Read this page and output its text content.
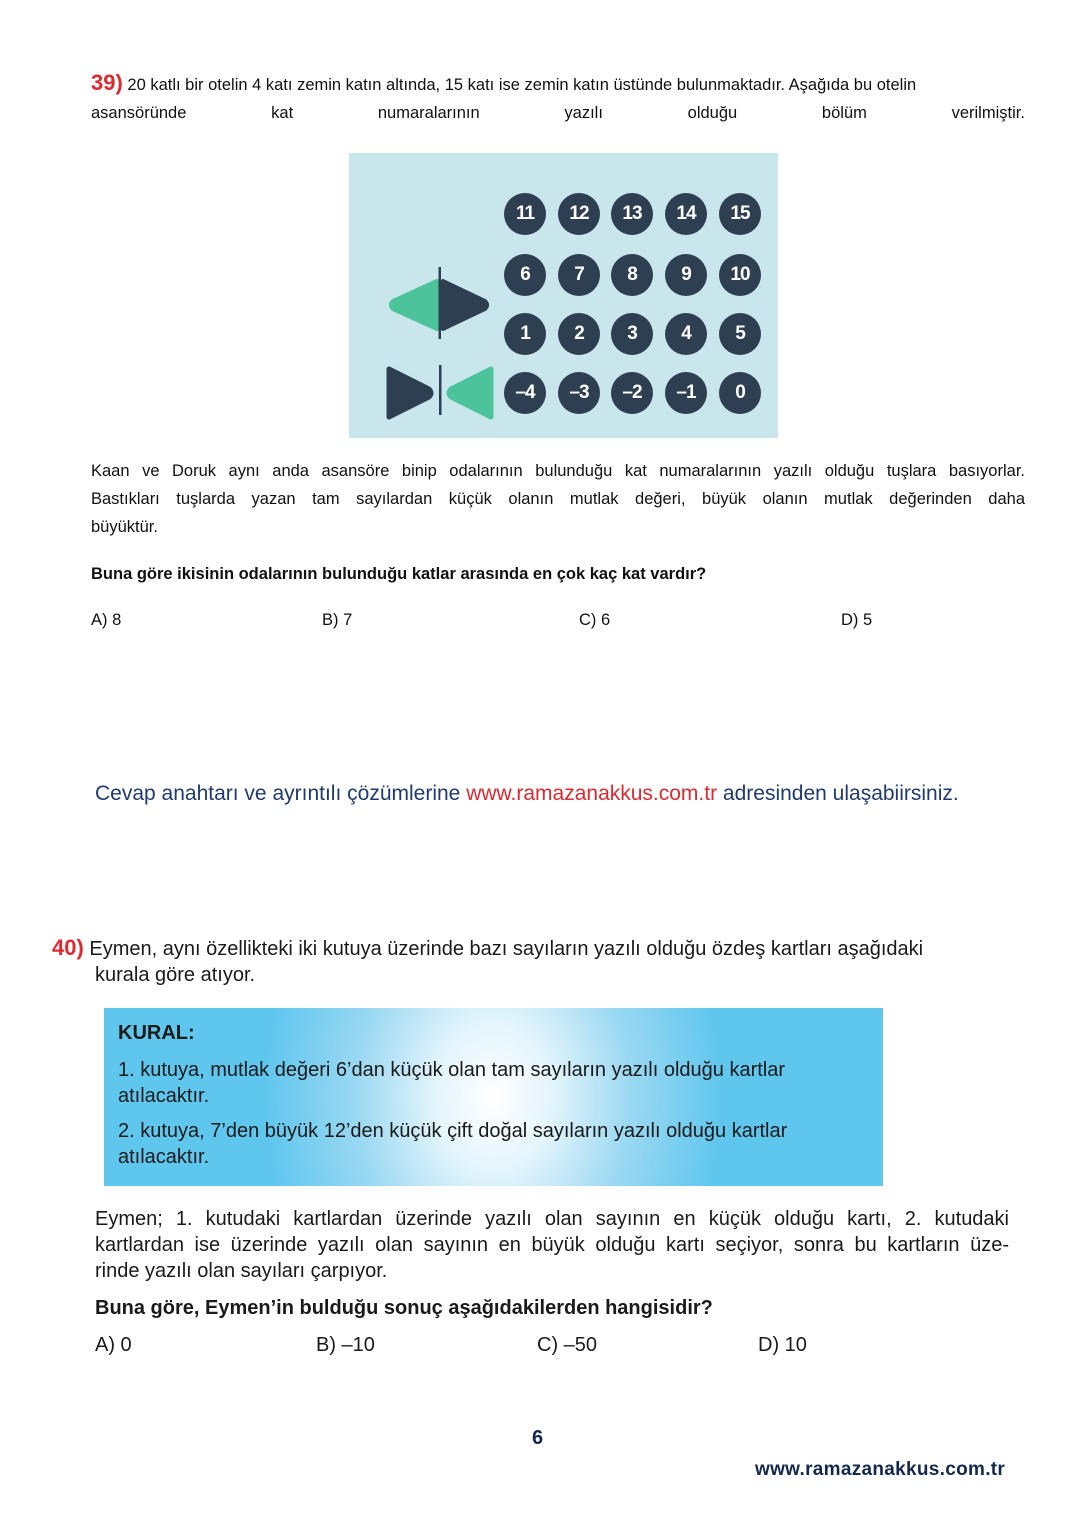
39) 20 katlı bir otelin 4 katı zemin katın altında, 15 katı ise zemin katın üstünde bulunmaktadır. Aşağıda bu otelin
asansöründe	kat	numaralarının	yazılı	olduğu	bölüm	verilmiştir.
11	12	13	14	15
6	7	8	9	10
1	2	3	4	5
–4	–3	–2	–1	0
Kaan ve Doruk aynı anda asansöre binip odalarının bulunduğu kat numaralarının yazılı olduğu tuşlara basıyorlar.
Bastıkları tuşlarda yazan tam sayılardan küçük olanın mutlak değeri, büyük olanın mutlak değerinden daha
büyüktür.
Buna göre ikisinin odalarının bulunduğu katlar arasında en çok kaç kat vardır?
A) 8	B) 7	C) 6	D) 5
Cevap anahtarı ve ayrıntılı çözümlerine www.ramazanakkus.com.tr adresinden ulaşabiirsiniz.
40) Eymen, aynı özellikteki iki kutuya üzerinde bazı sayıların yazılı olduğu özdeş kartları aşağıdaki
kurala göre atıyor.
KURAL:
1. kutuya, mutlak değeri 6’dan küçük olan tam sayıların yazılı olduğu kartlar
atılacaktır.
2. kutuya, 7’den büyük 12’den küçük çift doğal sayıların yazılı olduğu kartlar
atılacaktır.
Eymen; 1. kutudaki kartlardan üzerinde yazılı olan sayının en küçük olduğu kartı, 2. kutudaki
kartlardan ise üzerinde yazılı olan sayının en büyük olduğu kartı seçiyor, sonra bu kartların üze-
rinde yazılı olan sayıları çarpıyor.
Buna göre, Eymen’in bulduğu sonuç aşağıdakilerden hangisidir?
A) 0	B) –10	C) –50	D) 10
6
www.ramazanakkus.com.tr
